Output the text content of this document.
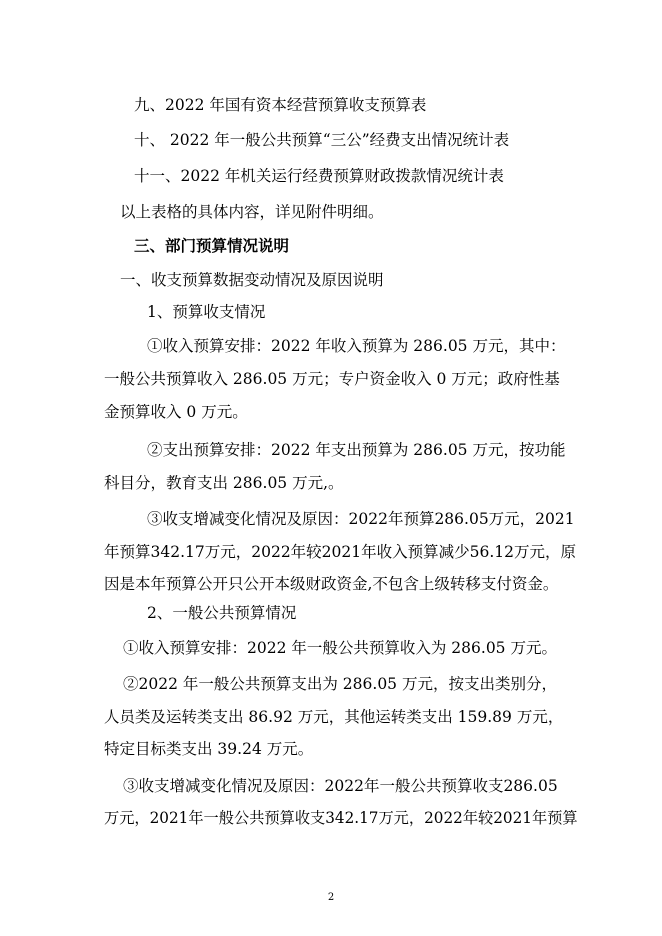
九、2022 年国有资本经营预算收支预算表

十、 2022 年一般公共预算“三公”经费支出情况统计表

十一、2022 年机关运行经费预算财政拨款情况统计表

以上表格的具体内容，详见附件明细。

三、部门预算情况说明

一、收支预算数据变动情况及原因说明

1、预算收支情况

①收入预算安排：2022 年收入预算为 286.05 万元，其中：

一般公共预算收入 286.05 万元；专户资金收入 0 万元；政府性基

金预算收入 0 万元。

②支出预算安排：2022 年支出预算为 286.05 万元，按功能

科目分，教育支出 286.05 万元,。

③收支增减变化情况及原因：2022年预算286.05万元，2021

年预算342.17万元，2022年较2021年收入预算减少56.12万元，原

因是本年预算公开只公开本级财政资金,不包含上级转移支付资金。

2、一般公共预算情况

①收入预算安排：2022 年一般公共预算收入为 286.05 万元。

②2022 年一般公共预算支出为 286.05 万元，按支出类别分，

人员类及运转类支出 86.92 万元，其他运转类支出 159.89 万元，

特定目标类支出 39.24 万元。

③收支增减变化情况及原因：2022年一般公共预算收支286.05

万元，2021年一般公共预算收支342.17万元，2022年较2021年预算

2
